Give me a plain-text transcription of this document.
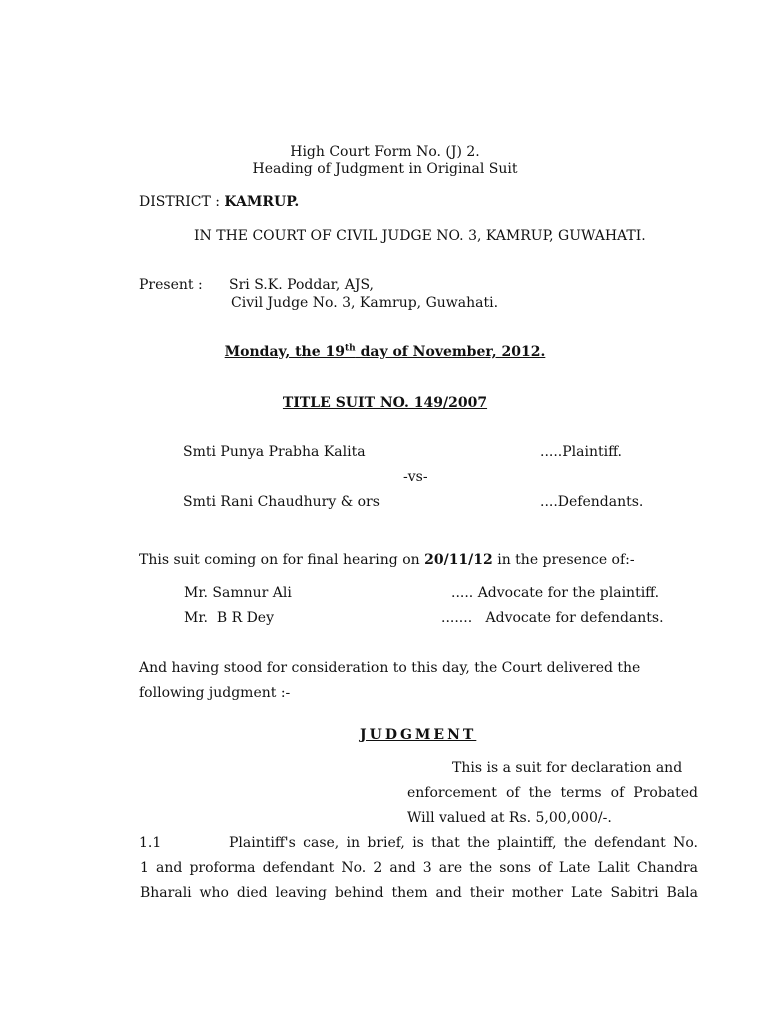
High Court Form No. (J) 2.
Heading of Judgment in Original Suit
DISTRICT : KAMRUP.
IN THE COURT OF CIVIL JUDGE NO. 3, KAMRUP, GUWAHATI.
Present : Sri S.K. Poddar, AJS,
Civil Judge No. 3, Kamrup, Guwahati.
Monday, the 19th day of November, 2012.
TITLE SUIT NO. 149/2007
Smti Punya Prabha Kalita	.....Plaintiff.
-vs-
Smti Rani Chaudhury & ors	....Defendants.
This suit coming on for final hearing on 20/11/12 in the presence of:-
Mr. Samnur Ali	..... Advocate for the plaintiff.
Mr.  B R Dey	.......   Advocate for defendants.
And having stood for consideration to this day, the Court delivered the
following judgment :-
JUDGMENT
This is a suit for declaration and
enforcement of the terms of Probated
Will valued at Rs. 5,00,000/-.
1.1	Plaintiff's case, in brief, is that the plaintiff, the defendant No.
1 and proforma defendant No. 2 and 3 are the sons of Late Lalit Chandra
Bharali who died leaving behind them and their mother Late Sabitri Bala
